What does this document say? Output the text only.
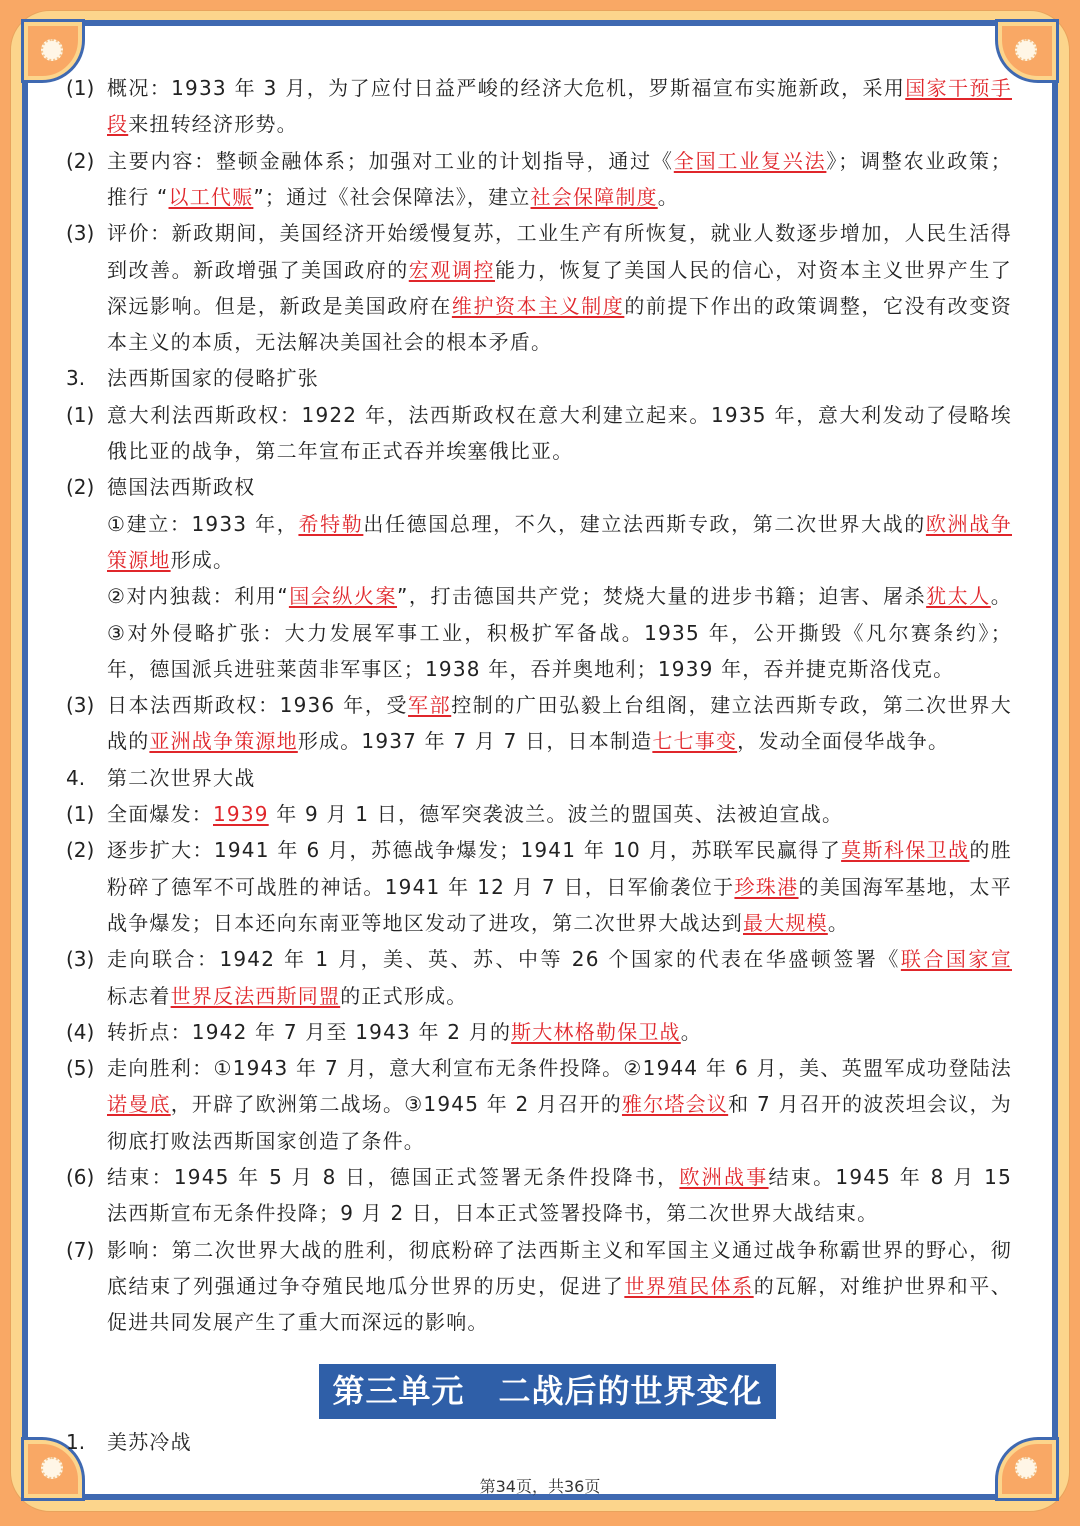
(1) 概况：1933 年 3 月，为了应付日益严峻的经济大危机，罗斯福宣布实施新政，采用国家干预手
段来扭转经济形势。
(2) 主要内容：整顿金融体系；加强对工业的计划指导，通过《全国工业复兴法》；调整农业政策；
推行 “以工代赈”；通过《社会保障法》，建立社会保障制度。
(3) 评价：新政期间，美国经济开始缓慢复苏，工业生产有所恢复，就业人数逐步增加，人民生活得
到改善。新政增强了美国政府的宏观调控能力，恢复了美国人民的信心，对资本主义世界产生了
深远影响。但是，新政是美国政府在维护资本主义制度的前提下作出的政策调整，它没有改变资
本主义的本质，无法解决美国社会的根本矛盾。
3. 法西斯国家的侵略扩张
(1) 意大利法西斯政权：1922 年，法西斯政权在意大利建立起来。1935 年，意大利发动了侵略埃
俄比亚的战争，第二年宣布正式吞并埃塞俄比亚。
(2) 德国法西斯政权
①建立：1933 年，希特勒出任德国总理，不久，建立法西斯专政，第二次世界大战的欧洲战争
策源地形成。
②对内独裁：利用“国会纵火案”，打击德国共产党；焚烧大量的进步书籍；迫害、屠杀犹太人。
③对外侵略扩张：大力发展军事工业，积极扩军备战。1935 年，公开撕毁《凡尔赛条约》；
年，德国派兵进驻莱茵非军事区；1938 年，吞并奥地利；1939 年，吞并捷克斯洛伐克。
(3) 日本法西斯政权：1936 年，受军部控制的广田弘毅上台组阁，建立法西斯专政，第二次世界大
战的亚洲战争策源地形成。1937 年 7 月 7 日，日本制造七七事变，发动全面侵华战争。
4. 第二次世界大战
(1) 全面爆发：1939 年 9 月 1 日，德军突袭波兰。波兰的盟国英、法被迫宣战。
(2) 逐步扩大：1941 年 6 月，苏德战争爆发；1941 年 10 月，苏联军民赢得了莫斯科保卫战的胜
粉碎了德军不可战胜的神话。1941 年 12 月 7 日，日军偷袭位于珍珠港的美国海军基地，太平
战争爆发；日本还向东南亚等地区发动了进攻，第二次世界大战达到最大规模。
(3) 走向联合：1942 年 1 月，美、英、苏、中等 26 个国家的代表在华盛顿签署《联合国家宣
标志着世界反法西斯同盟的正式形成。
(4) 转折点：1942 年 7 月至 1943 年 2 月的斯大林格勒保卫战。
(5) 走向胜利：①1943 年 7 月，意大利宣布无条件投降。②1944 年 6 月，美、英盟军成功登陆法
诺曼底，开辟了欧洲第二战场。③1945 年 2 月召开的雅尔塔会议和 7 月召开的波茨坦会议，为
彻底打败法西斯国家创造了条件。
(6) 结束：1945 年 5 月 8 日，德国正式签署无条件投降书，欧洲战事结束。1945 年 8 月 15
法西斯宣布无条件投降；9 月 2 日，日本正式签署投降书，第二次世界大战结束。
(7) 影响：第二次世界大战的胜利，彻底粉碎了法西斯主义和军国主义通过战争称霸世界的野心，彻
底结束了列强通过争夺殖民地瓜分世界的历史，促进了世界殖民体系的瓦解，对维护世界和平、
促进共同发展产生了重大而深远的影响。
第三单元 二战后的世界变化
1. 美苏冷战
第34页，共36页
